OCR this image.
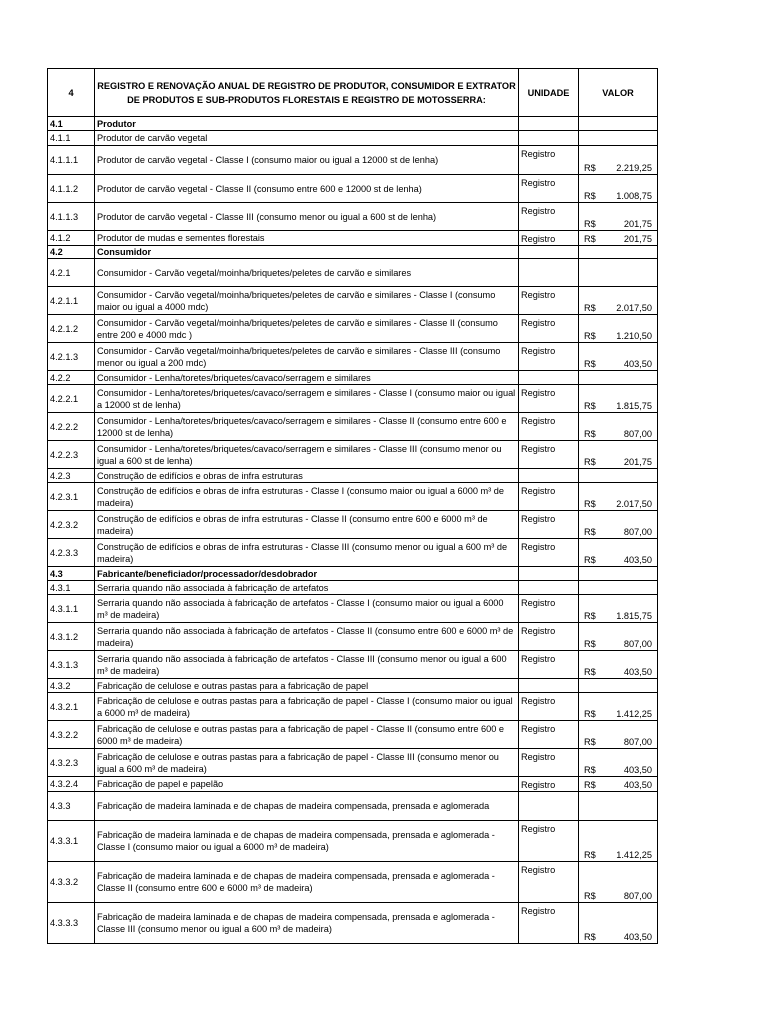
4	REGISTRO E RENOVAÇÃO ANUAL DE REGISTRO DE PRODUTOR, CONSUMIDOR E EXTRATOR DE PRODUTOS E SUB-PRODUTOS FLORESTAIS E REGISTRO DE MOTOSSERRA:	UNIDADE	VALOR
4.1	Produtor		
4.1.1	Produtor de carvão vegetal		
4.1.1.1	Produtor de carvão vegetal - Classe I (consumo maior ou igual a 12000 st de lenha)	Registro	R$ 2.219,25

4.1.1.2	Produtor de carvão vegetal - Classe II (consumo entre 600 e 12000 st de lenha)	Registro	R$ 1.008,75

4.1.1.3	Produtor de carvão vegetal - Classe III (consumo menor ou igual a 600 st de lenha)	Registro	R$ 201,75

4.1.2	Produtor de mudas e sementes florestais	Registro	R$ 201,75

4.2	Consumidor		
4.2.1	Consumidor - Carvão vegetal/moinha/briquetes/peletes de carvão e similares		
4.2.1.1	Consumidor - Carvão vegetal/moinha/briquetes/peletes de carvão e similares - Classe I (consumo maior ou igual a 4000 mdc)	Registro	R$ 2.017,50

4.2.1.2	Consumidor - Carvão vegetal/moinha/briquetes/peletes de carvão e similares - Classe II (consumo entre 200 e 4000 mdc )	Registro	R$ 1.210,50

4.2.1.3	Consumidor - Carvão vegetal/moinha/briquetes/peletes de carvão e similares - Classe III (consumo menor ou igual a 200 mdc)	Registro	R$ 403,50

4.2.2	Consumidor - Lenha/toretes/briquetes/cavaco/serragem e similares		
4.2.2.1	Consumidor - Lenha/toretes/briquetes/cavaco/serragem e similares - Classe I (consumo maior ou igual a 12000 st de lenha)	Registro	R$ 1.815,75

4.2.2.2	Consumidor - Lenha/toretes/briquetes/cavaco/serragem e similares - Classe II (consumo entre 600 e 12000 st de lenha)	Registro	R$ 807,00

4.2.2.3	Consumidor - Lenha/toretes/briquetes/cavaco/serragem e similares - Classe III (consumo menor ou igual a 600 st de lenha)	Registro	R$ 201,75

4.2.3	Construção de edifícios e obras de infra estruturas		
4.2.3.1	Construção de edifícios e obras de infra estruturas - Classe I (consumo maior ou igual a 6000 m³ de madeira)	Registro	R$ 2.017,50

4.2.3.2	Construção de edifícios e obras de infra estruturas - Classe II (consumo entre 600 e 6000 m³ de madeira)	Registro	R$ 807,00

4.2.3.3	Construção de edifícios e obras de infra estruturas - Classe III (consumo menor ou igual a 600 m³ de madeira)	Registro	R$ 403,50

4.3	Fabricante/beneficiador/processador/desdobrador		
4.3.1	Serraria quando não associada à fabricação de artefatos		
4.3.1.1	Serraria quando não associada à fabricação de artefatos - Classe I (consumo maior ou igual a 6000 m³ de madeira)	Registro	R$ 1.815,75

4.3.1.2	Serraria quando não associada à fabricação de artefatos - Classe II (consumo entre 600 e 6000 m³ de madeira)	Registro	R$ 807,00

4.3.1.3	Serraria quando não associada à fabricação de artefatos - Classe III (consumo menor ou igual a 600 m³ de madeira)	Registro	R$ 403,50

4.3.2	Fabricação de celulose e outras pastas para a fabricação de papel		
4.3.2.1	Fabricação de celulose e outras pastas para a fabricação de papel - Classe I (consumo maior ou igual a 6000 m³ de madeira)	Registro	R$ 1.412,25

4.3.2.2	Fabricação de celulose e outras pastas para a fabricação de papel - Classe II (consumo entre 600 e 6000 m³ de madeira)	Registro	R$ 807,00

4.3.2.3	Fabricação de celulose e outras pastas para a fabricação de papel - Classe III (consumo menor ou igual a 600 m³ de madeira)	Registro	R$ 403,50

4.3.2.4	Fabricação de papel e papelão	Registro	R$ 403,50

4.3.3	Fabricação de madeira laminada e de chapas de madeira compensada, prensada e aglomerada		
4.3.3.1	Fabricação de madeira laminada e de chapas de madeira compensada, prensada e aglomerada - Classe I (consumo maior ou igual a 6000 m³ de madeira)	Registro	R$ 1.412,25

4.3.3.2	Fabricação de madeira laminada e de chapas de madeira compensada, prensada e aglomerada - Classe II (consumo entre 600 e 6000 m³ de madeira)	Registro	R$ 807,00

4.3.3.3	Fabricação de madeira laminada e de chapas de madeira compensada, prensada e aglomerada - Classe III (consumo menor ou igual a 600 m³ de madeira)	Registro	R$ 403,50
